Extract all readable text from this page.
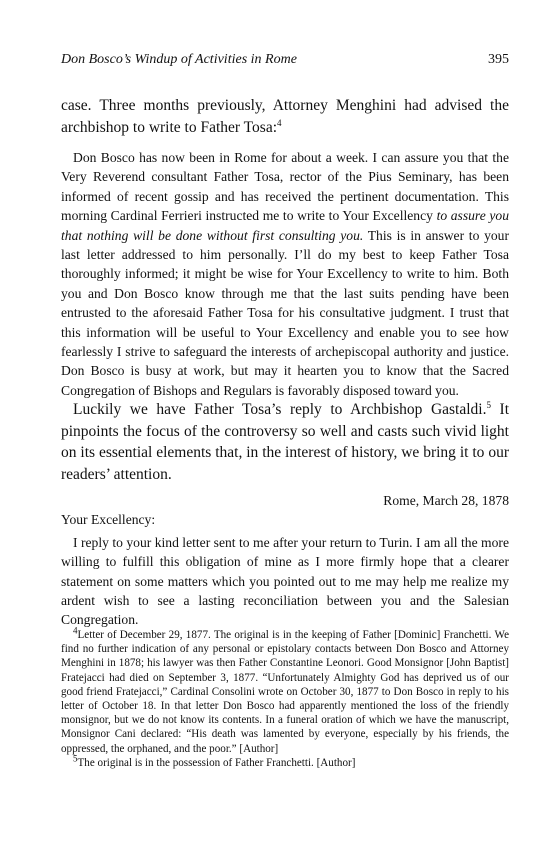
Don Bosco’s Windup of Activities in Rome	395

case. Three months previously, Attorney Menghini had advised the archbishop to write to Father Tosa:$^4$

Don Bosco has now been in Rome for about a week. I can assure you that the Very Reverend consultant Father Tosa, rector of the Pius Seminary, has been informed of recent gossip and has received the pertinent documentation. This morning Cardinal Ferrieri instructed me to write to Your Excellency to assure you that nothing will be done without first consulting you. This is in answer to your last letter addressed to him personally. I’ll do my best to keep Father Tosa thoroughly informed; it might be wise for Your Excellency to write to him. Both you and Don Bosco know through me that the last suits pending have been entrusted to the aforesaid Father Tosa for his consultative judgment. I trust that this information will be useful to Your Excellency and enable you to see how fearlessly I strive to safeguard the interests of archepiscopal authority and justice. Don Bosco is busy at work, but may it hearten you to know that the Sacred Congregation of Bishops and Regulars is favorably disposed toward you.

Luckily we have Father Tosa’s reply to Archbishop Gastaldi.$^5$ It pinpoints the focus of the controversy so well and casts such vivid light on its essential elements that, in the interest of history, we bring it to our readers’ attention.

Rome, March 28, 1878

Your Excellency:

I reply to your kind letter sent to me after your return to Turin. I am all the more willing to fulfill this obligation of mine as I more firmly hope that a clearer statement on some matters which you pointed out to me may help me realize my ardent wish to see a lasting reconciliation between you and the Salesian Congregation.

$^4$Letter of December 29, 1877. The original is in the keeping of Father [Dominic] Franchetti. We find no further indication of any personal or epistolary contacts between Don Bosco and Attorney Menghini in 1878; his lawyer was then Father Constantine Leonori. Good Monsignor [John Baptist] Fratejacci had died on September 3, 1877. “Unfortunately Almighty God has deprived us of our good friend Fratejacci,” Cardinal Consolini wrote on October 30, 1877 to Don Bosco in reply to his letter of October 18. In that letter Don Bosco had apparently mentioned the loss of the friendly monsignor, but we do not know its contents. In a funeral oration of which we have the manuscript, Monsignor Cani declared: “His death was lamented by everyone, especially by his friends, the oppressed, the orphaned, and the poor.” [Author]

$^5$The original is in the possession of Father Franchetti. [Author]
